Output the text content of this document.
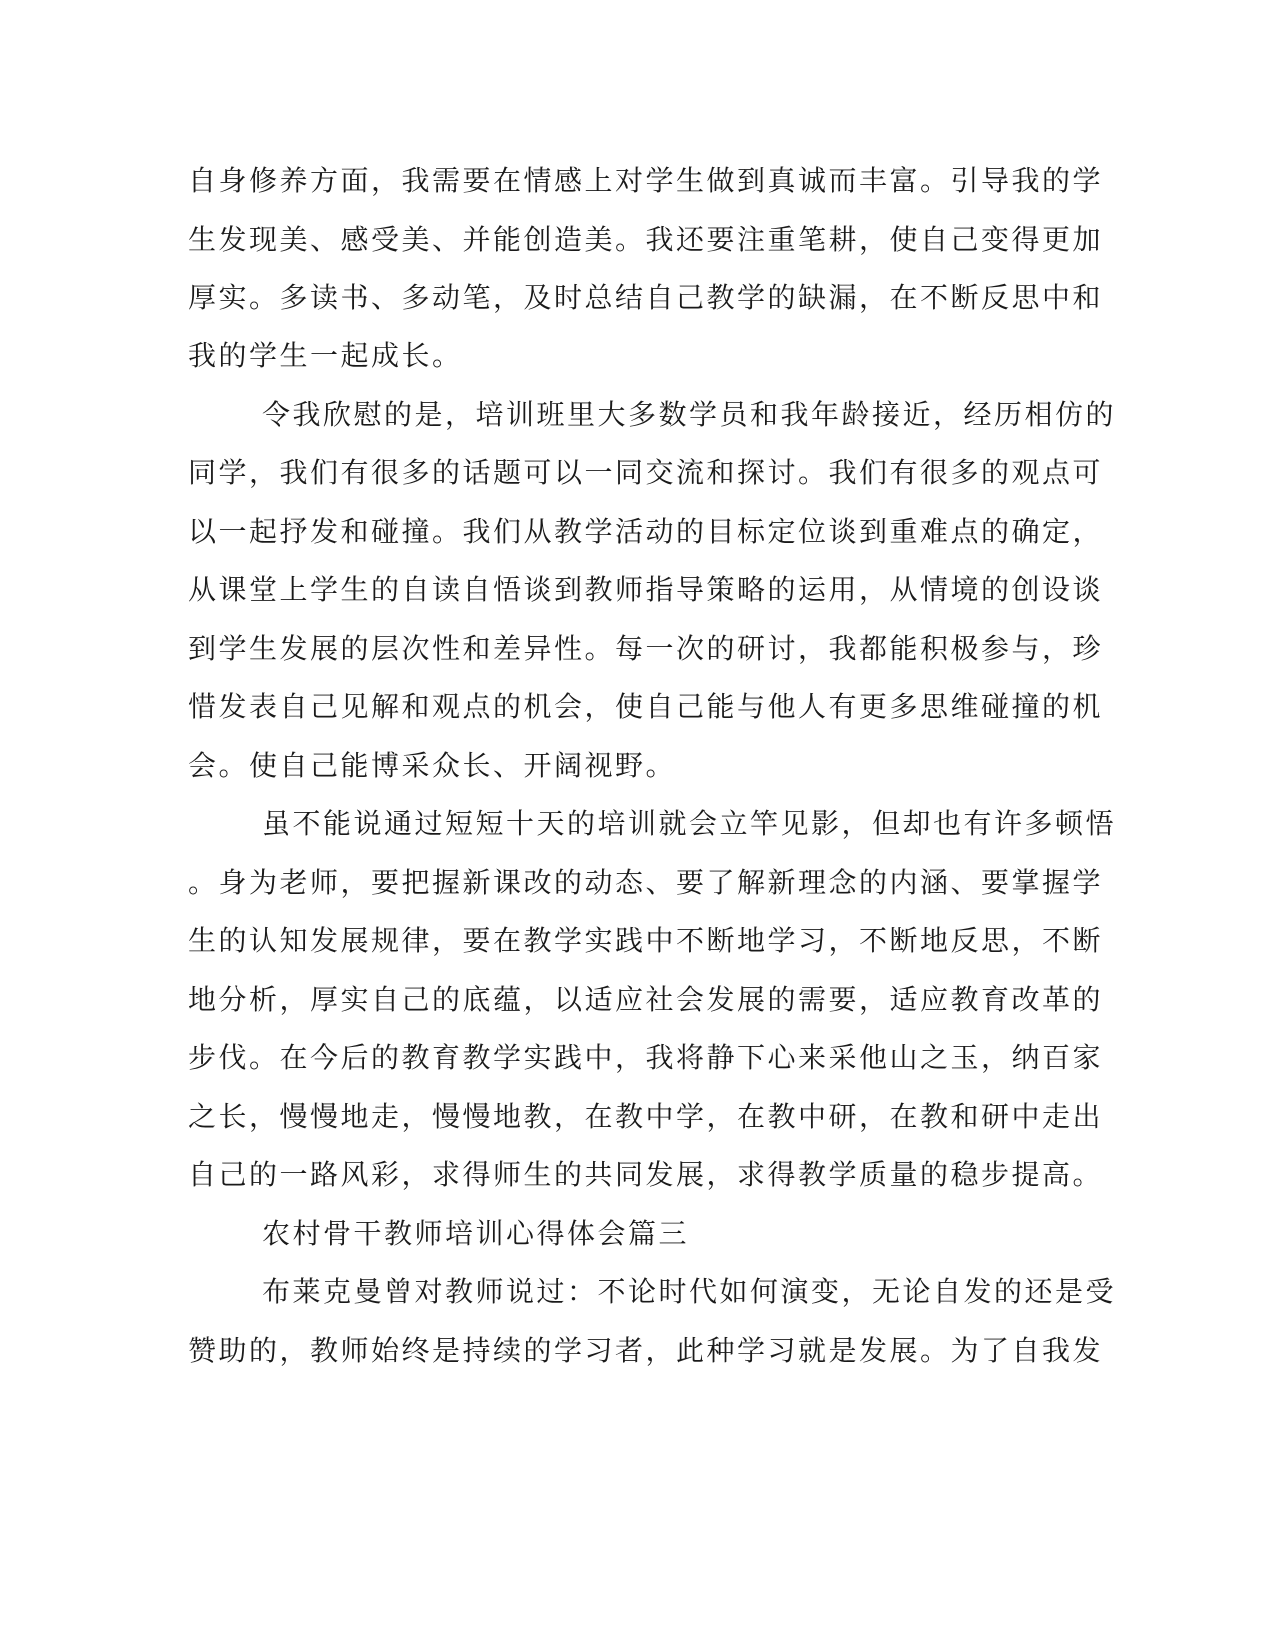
自身修养方面，我需要在情感上对学生做到真诚而丰富。引导我的学
生发现美、感受美、并能创造美。我还要注重笔耕，使自己变得更加
厚实。多读书、多动笔，及时总结自己教学的缺漏，在不断反思中和
我的学生一起成长。
令我欣慰的是，培训班里大多数学员和我年龄接近，经历相仿的
同学，我们有很多的话题可以一同交流和探讨。我们有很多的观点可
以一起抒发和碰撞。我们从教学活动的目标定位谈到重难点的确定，
从课堂上学生的自读自悟谈到教师指导策略的运用，从情境的创设谈
到学生发展的层次性和差异性。每一次的研讨，我都能积极参与，珍
惜发表自己见解和观点的机会，使自己能与他人有更多思维碰撞的机
会。使自己能博采众长、开阔视野。
虽不能说通过短短十天的培训就会立竿见影，但却也有许多顿悟
。身为老师，要把握新课改的动态、要了解新理念的内涵、要掌握学
生的认知发展规律，要在教学实践中不断地学习，不断地反思，不断
地分析，厚实自己的底蕴，以适应社会发展的需要，适应教育改革的
步伐。在今后的教育教学实践中，我将静下心来采他山之玉，纳百家
之长，慢慢地走，慢慢地教，在教中学，在教中研，在教和研中走出
自己的一路风彩，求得师生的共同发展，求得教学质量的稳步提高。
农村骨干教师培训心得体会篇三
布莱克曼曾对教师说过：不论时代如何演变，无论自发的还是受
赞助的，教师始终是持续的学习者，此种学习就是发展。为了自我发
